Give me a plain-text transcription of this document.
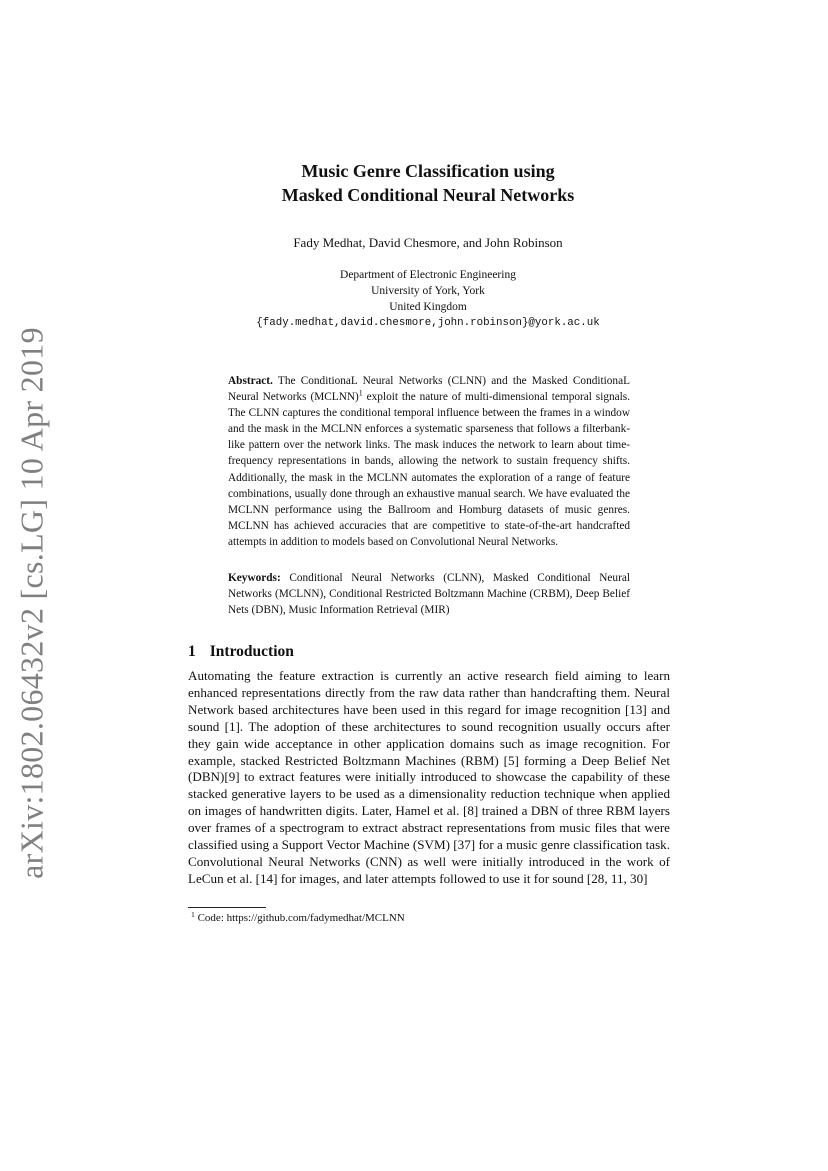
arXiv:1802.06432v2 [cs.LG] 10 Apr 2019
Music Genre Classification using
Masked Conditional Neural Networks
Fady Medhat, David Chesmore, and John Robinson
Department of Electronic Engineering
University of York, York
United Kingdom
{fady.medhat,david.chesmore,john.robinson}@york.ac.uk
Abstract. The ConditionaL Neural Networks (CLNN) and the Masked ConditionaL Neural Networks (MCLNN)$^1$ exploit the nature of multi-dimensional temporal signals. The CLNN captures the conditional temporal influence between the frames in a window and the mask in the MCLNN enforces a systematic sparseness that follows a filterbank-like pattern over the network links. The mask induces the network to learn about time-frequency representations in bands, allowing the network to sustain frequency shifts. Additionally, the mask in the MCLNN automates the exploration of a range of feature combinations, usually done through an exhaustive manual search. We have evaluated the MCLNN performance using the Ballroom and Homburg datasets of music genres. MCLNN has achieved accuracies that are competitive to state-of-the-art handcrafted attempts in addition to models based on Convolutional Neural Networks.
Keywords: Conditional Neural Networks (CLNN), Masked Conditional Neural Networks (MCLNN), Conditional Restricted Boltzmann Machine (CRBM), Deep Belief Nets (DBN), Music Information Retrieval (MIR)
1 Introduction
Automating the feature extraction is currently an active research field aiming to learn enhanced representations directly from the raw data rather than handcrafting them. Neural Network based architectures have been used in this regard for image recognition [13] and sound [1]. The adoption of these architectures to sound recognition usually occurs after they gain wide acceptance in other application domains such as image recognition. For example, stacked Restricted Boltzmann Machines (RBM) [5] forming a Deep Belief Net (DBN)[9] to extract features were initially introduced to showcase the capability of these stacked generative layers to be used as a dimensionality reduction technique when applied on images of handwritten digits. Later, Hamel et al. [8] trained a DBN of three RBM layers over frames of a spectrogram to extract abstract representations from music files that were classified using a Support Vector Machine (SVM) [37] for a music genre classification task. Convolutional Neural Networks (CNN) as well were initially introduced in the work of LeCun et al. [14] for images, and later attempts followed to use it for sound [28, 11, 30]
$^1$ Code: https://github.com/fadymedhat/MCLNN
